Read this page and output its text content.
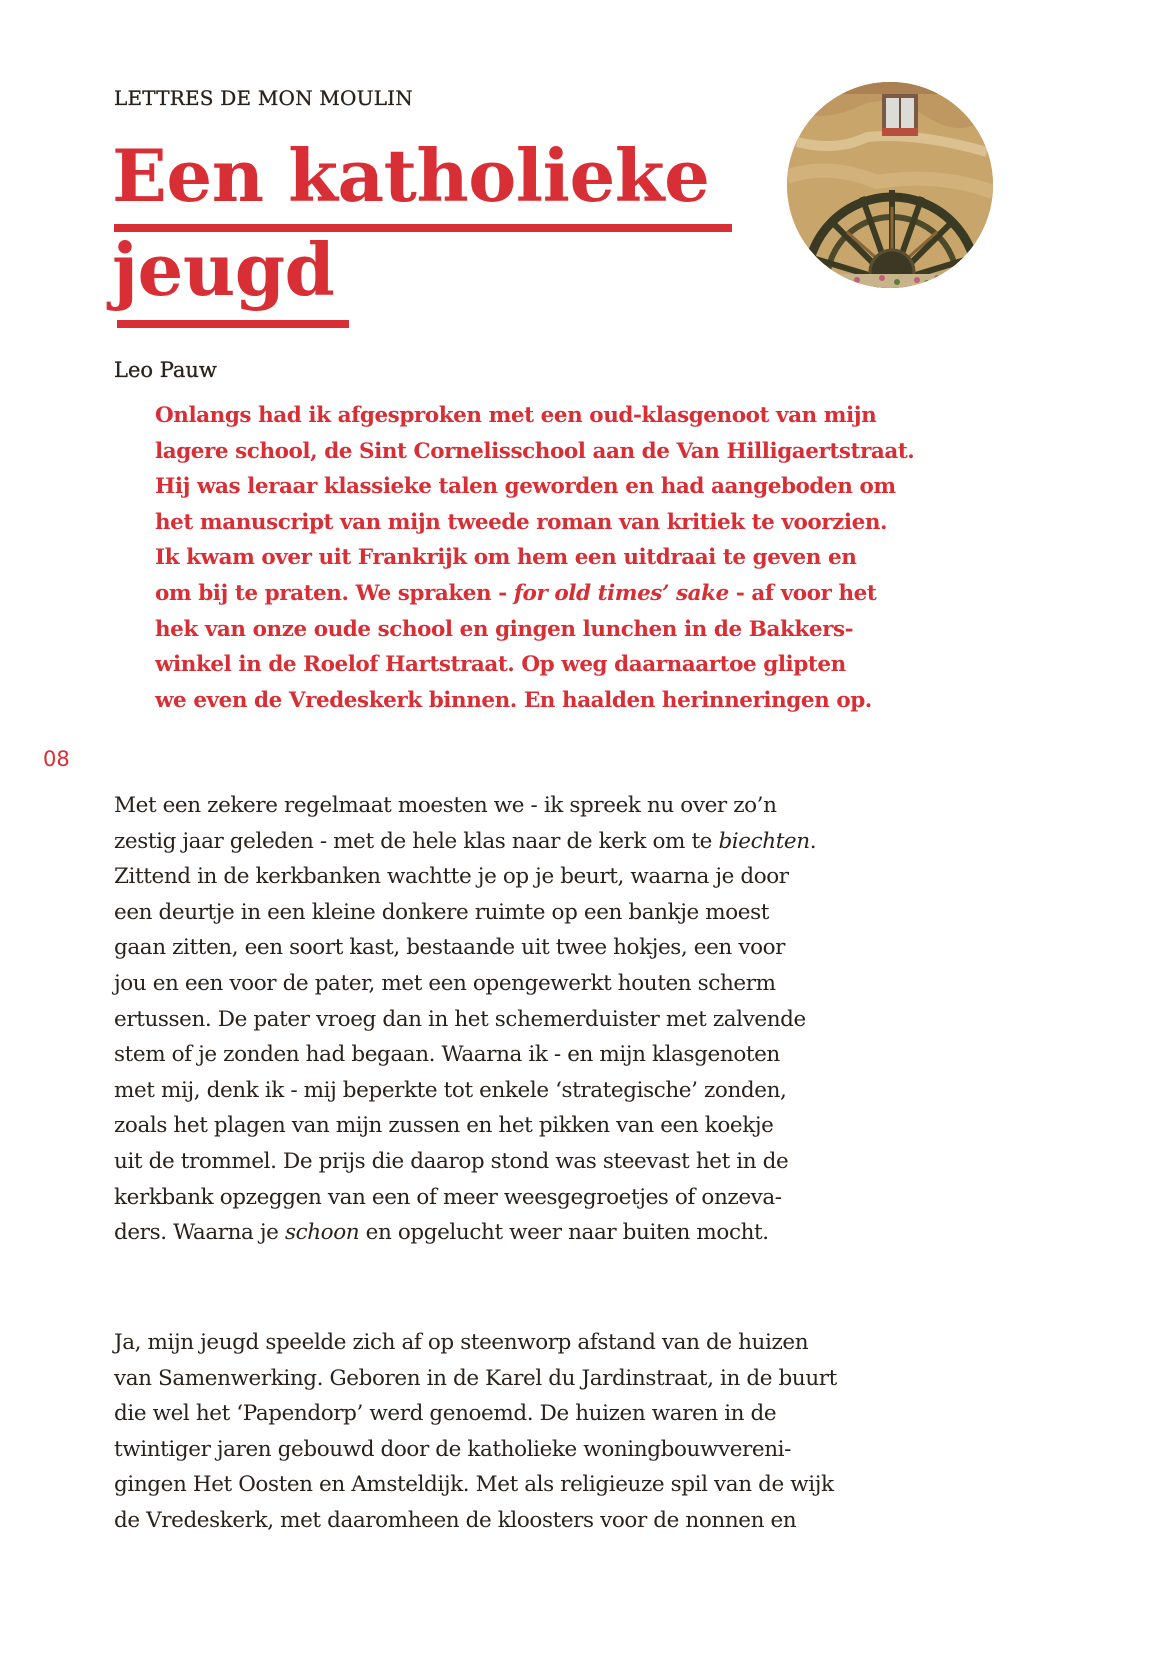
LETTRES DE MON MOULIN
Een katholieke
jeugd
Leo Pauw
Onlangs had ik afgesproken met een oud-klasgenoot van mijn
lagere school, de Sint Cornelisschool aan de Van Hilligaertstraat.
Hij was leraar klassieke talen geworden en had aangeboden om
het manuscript van mijn tweede roman van kritiek te voorzien.
Ik kwam over uit Frankrijk om hem een uitdraai te geven en
om bij te praten. We spraken - for old times’ sake - af voor het
hek van onze oude school en gingen lunchen in de Bakkers-
winkel in de Roelof Hartstraat. Op weg daarnaartoe glipten
we even de Vredeskerk binnen. En haalden herinneringen op.
08
Met een zekere regelmaat moesten we - ik spreek nu over zo’n
zestig jaar geleden - met de hele klas naar de kerk om te biechten.
Zittend in de kerkbanken wachtte je op je beurt, waarna je door
een deurtje in een kleine donkere ruimte op een bankje moest
gaan zitten, een soort kast, bestaande uit twee hokjes, een voor
jou en een voor de pater, met een opengewerkt houten scherm
ertussen. De pater vroeg dan in het schemerduister met zalvende
stem of je zonden had begaan. Waarna ik - en mijn klasgenoten
met mij, denk ik - mij beperkte tot enkele ‘strategische’ zonden,
zoals het plagen van mijn zussen en het pikken van een koekje
uit de trommel. De prijs die daarop stond was steevast het in de
kerkbank opzeggen van een of meer weesgegroetjes of onzeva-
ders. Waarna je schoon en opgelucht weer naar buiten mocht.
Ja, mijn jeugd speelde zich af op steenworp afstand van de huizen
van Samenwerking. Geboren in de Karel du Jardinstraat, in de buurt
die wel het ‘Papendorp’ werd genoemd. De huizen waren in de
twintiger jaren gebouwd door de katholieke woningbouwvereni-
gingen Het Oosten en Amsteldijk. Met als religieuze spil van de wijk
de Vredeskerk, met daaromheen de kloosters voor de nonnen en
